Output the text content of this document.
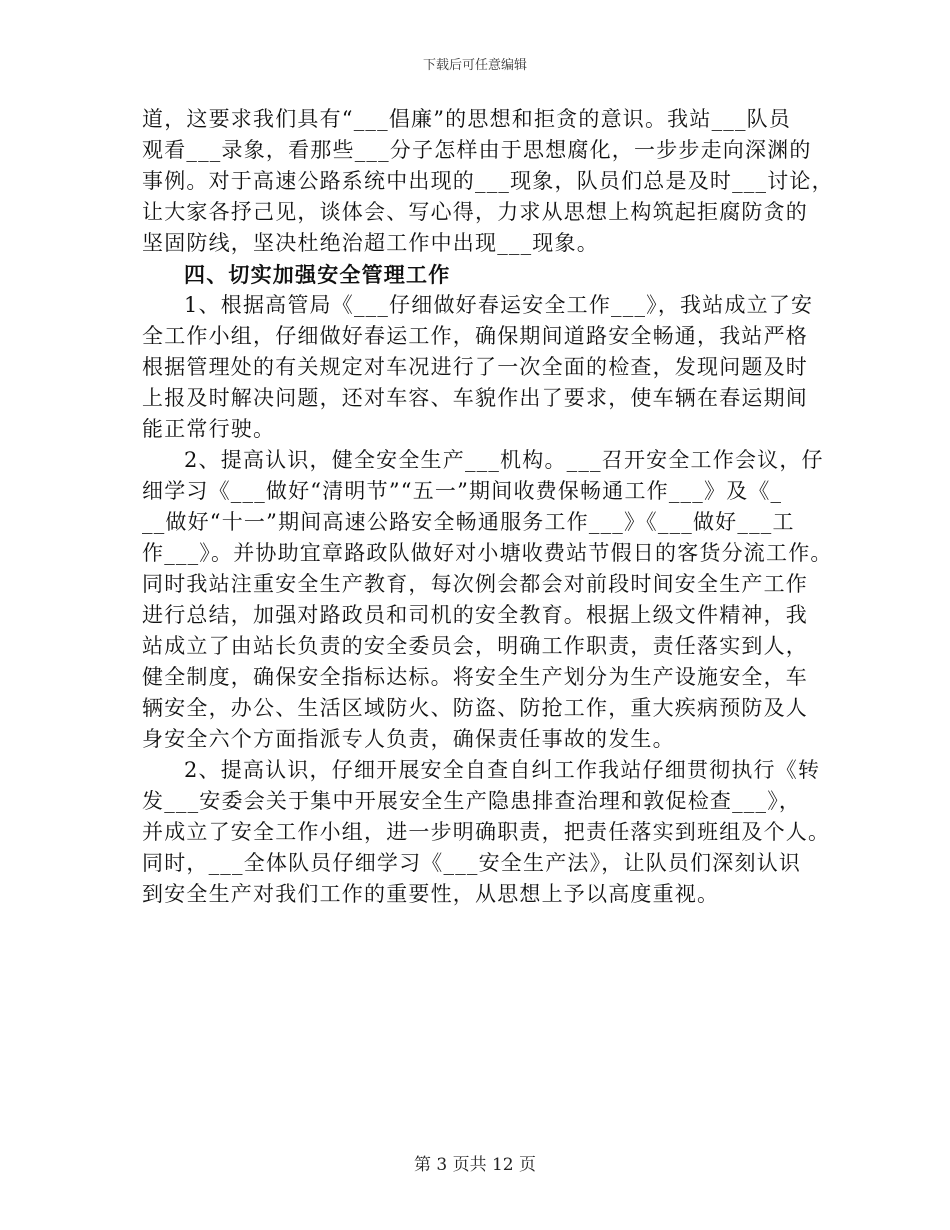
下载后可任意编辑
道，这要求我们具有“___倡廉”的思想和拒贪的意识。我站___队员
观看___录象，看那些___分子怎样由于思想腐化，一步步走向深渊的
事例。对于高速公路系统中出现的___现象，队员们总是及时___讨论，
让大家各抒己见，谈体会、写心得，力求从思想上构筑起拒腐防贪的
坚固防线，坚决杜绝治超工作中出现___现象。
四、切实加强安全管理工作
1、根据高管局《___仔细做好春运安全工作___》，我站成立了安
全工作小组，仔细做好春运工作，确保期间道路安全畅通，我站严格
根据管理处的有关规定对车况进行了一次全面的检查，发现问题及时
上报及时解决问题，还对车容、车貌作出了要求，使车辆在春运期间
能正常行驶。
2、提高认识，健全安全生产___机构。___召开安全工作会议，仔
细学习《___做好“清明节”“五一”期间收费保畅通工作___》及《_
__做好“十一”期间高速公路安全畅通服务工作___》《___做好___工
作___》。并协助宜章路政队做好对小塘收费站节假日的客货分流工作。
同时我站注重安全生产教育，每次例会都会对前段时间安全生产工作
进行总结，加强对路政员和司机的安全教育。根据上级文件精神，我
站成立了由站长负责的安全委员会，明确工作职责，责任落实到人，
健全制度，确保安全指标达标。将安全生产划分为生产设施安全，车
辆安全，办公、生活区域防火、防盗、防抢工作，重大疾病预防及人
身安全六个方面指派专人负责，确保责任事故的发生。
2、提高认识，仔细开展安全自查自纠工作我站仔细贯彻执行《转
发___安委会关于集中开展安全生产隐患排查治理和敦促检查___》，
并成立了安全工作小组，进一步明确职责，把责任落实到班组及个人。
同时，___全体队员仔细学习《___安全生产法》，让队员们深刻认识
到安全生产对我们工作的重要性，从思想上予以高度重视。
第 3 页共 12 页
